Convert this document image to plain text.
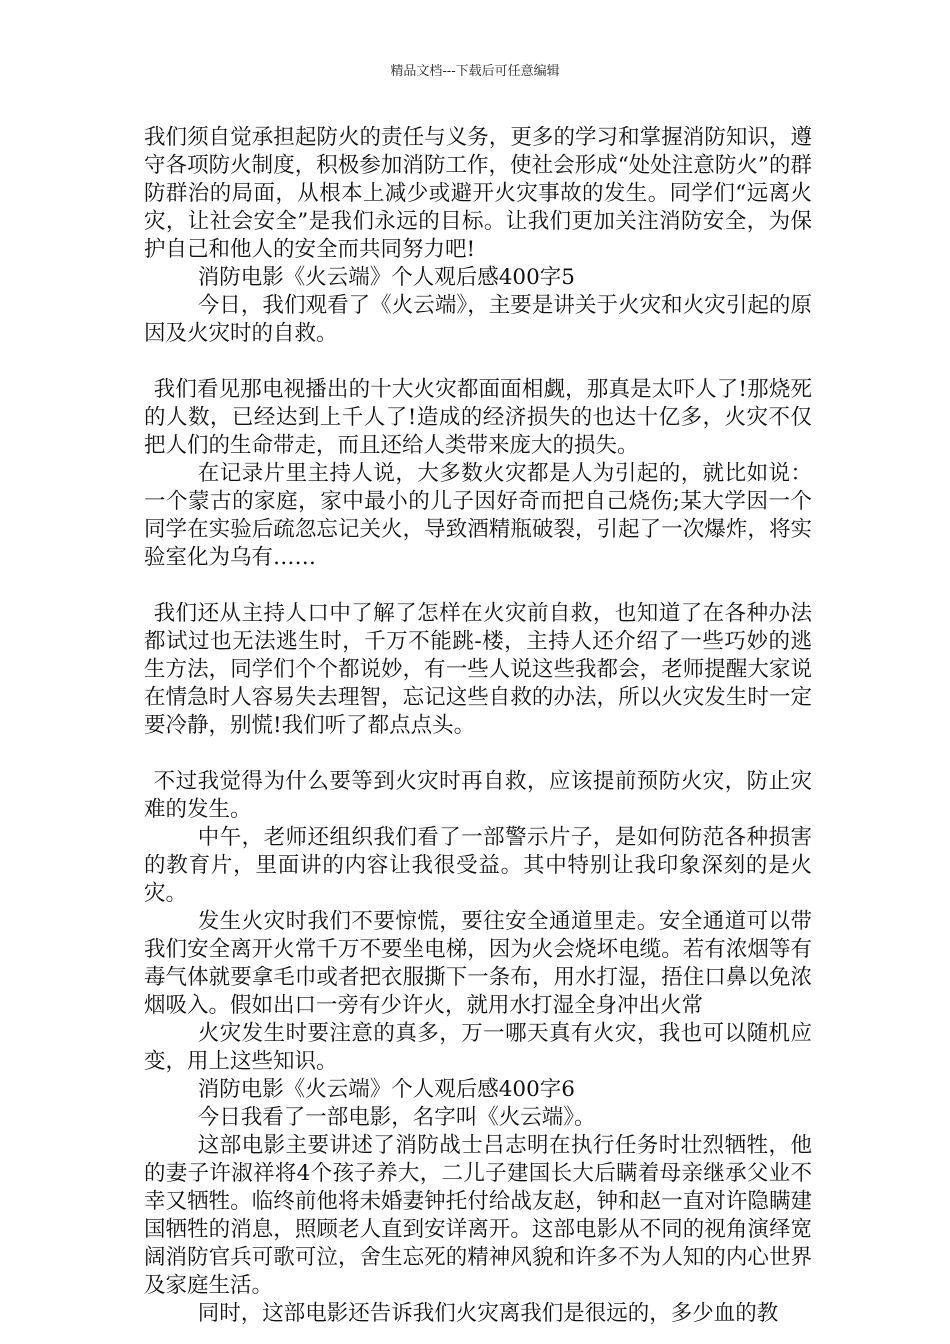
精品文档---下载后可任意编辑

我们须自觉承担起防火的责任与义务，更多的学习和掌握消防知识，遵守各项防火制度，积极参加消防工作，使社会形成“处处注意防火”的群防群治的局面，从根本上减少或避开火灾事故的发生。同学们“远离火灾，让社会安全”是我们永远的目标。让我们更加关注消防安全，为保护自己和他人的安全而共同努力吧!

消防电影《火云端》个人观后感400字5

今日，我们观看了《火云端》，主要是讲关于火灾和火灾引起的原因及火灾时的自救。

我们看见那电视播出的十大火灾都面面相觑，那真是太吓人了!那烧死的人数，已经达到上千人了!造成的经济损失的也达十亿多，火灾不仅把人们的生命带走，而且还给人类带来庞大的损失。

在记录片里主持人说，大多数火灾都是人为引起的，就比如说：一个蒙古的家庭，家中最小的儿子因好奇而把自己烧伤;某大学因一个同学在实验后疏忽忘记关火，导致酒精瓶破裂，引起了一次爆炸，将实验室化为乌有……

我们还从主持人口中了解了怎样在火灾前自救，也知道了在各种办法都试过也无法逃生时，千万不能跳-楼，主持人还介绍了一些巧妙的逃生方法，同学们个个都说妙，有一些人说这些我都会，老师提醒大家说在情急时人容易失去理智，忘记这些自救的办法，所以火灾发生时一定要冷静，别慌!我们听了都点点头。

不过我觉得为什么要等到火灾时再自救，应该提前预防火灾，防止灾难的发生。

中午，老师还组织我们看了一部警示片子，是如何防范各种损害的教育片，里面讲的内容让我很受益。其中特别让我印象深刻的是火灾。

发生火灾时我们不要惊慌，要往安全通道里走。安全通道可以带我们安全离开火常千万不要坐电梯，因为火会烧坏电缆。若有浓烟等有毒气体就要拿毛巾或者把衣服撕下一条布，用水打湿，捂住口鼻以免浓烟吸入。假如出口一旁有少许火，就用水打湿全身冲出火常

火灾发生时要注意的真多，万一哪天真有火灾，我也可以随机应变，用上这些知识。

消防电影《火云端》个人观后感400字6

今日我看了一部电影，名字叫《火云端》。

这部电影主要讲述了消防战士吕志明在执行任务时壮烈牺牲，他的妻子许淑祥将4个孩子养大，二儿子建国长大后瞒着母亲继承父业不幸又牺牲。临终前他将未婚妻钟托付给战友赵，钟和赵一直对许隐瞒建国牺牲的消息，照顾老人直到安详离开。这部电影从不同的视角演绎宽阔消防官兵可歌可泣，舍生忘死的精神风貌和许多不为人知的内心世界及家庭生活。

同时，这部电影还告诉我们火灾离我们是很远的，多少血的教
